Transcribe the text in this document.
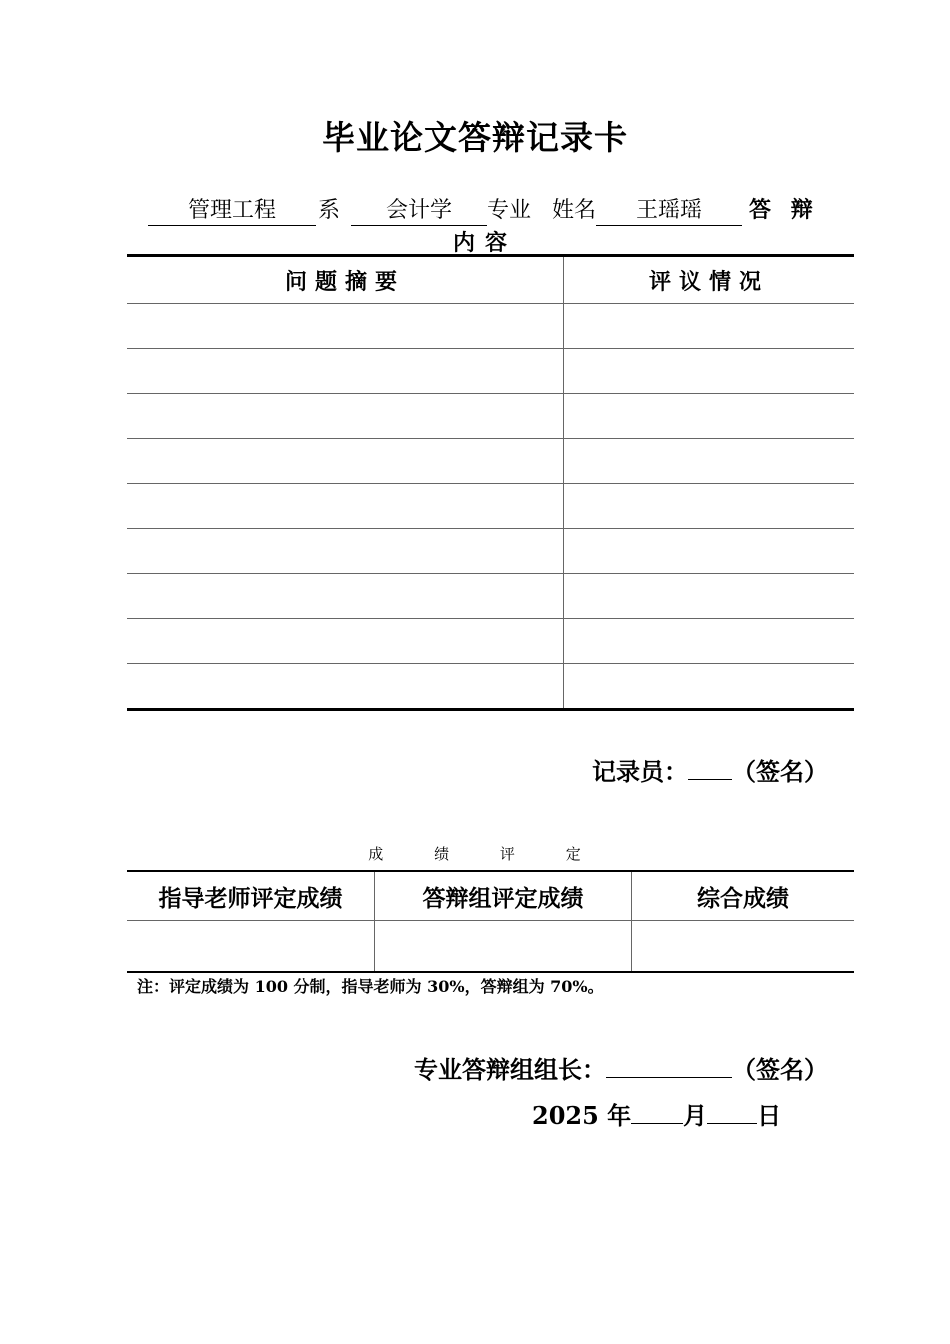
毕业论文答辩记录卡
管理工程 系 会计学 专业 姓名 王瑶瑶 答 辩
内容
问题摘要	评议情况

记录员： （签名）
成	绩	评	定
指导老师评定成绩	答辩组评定成绩	综合成绩

注：评定成绩为 100 分制，指导老师为 30%，答辩组为 70%。
专业答辩组组长：	（签名）
2025 年 月 日
